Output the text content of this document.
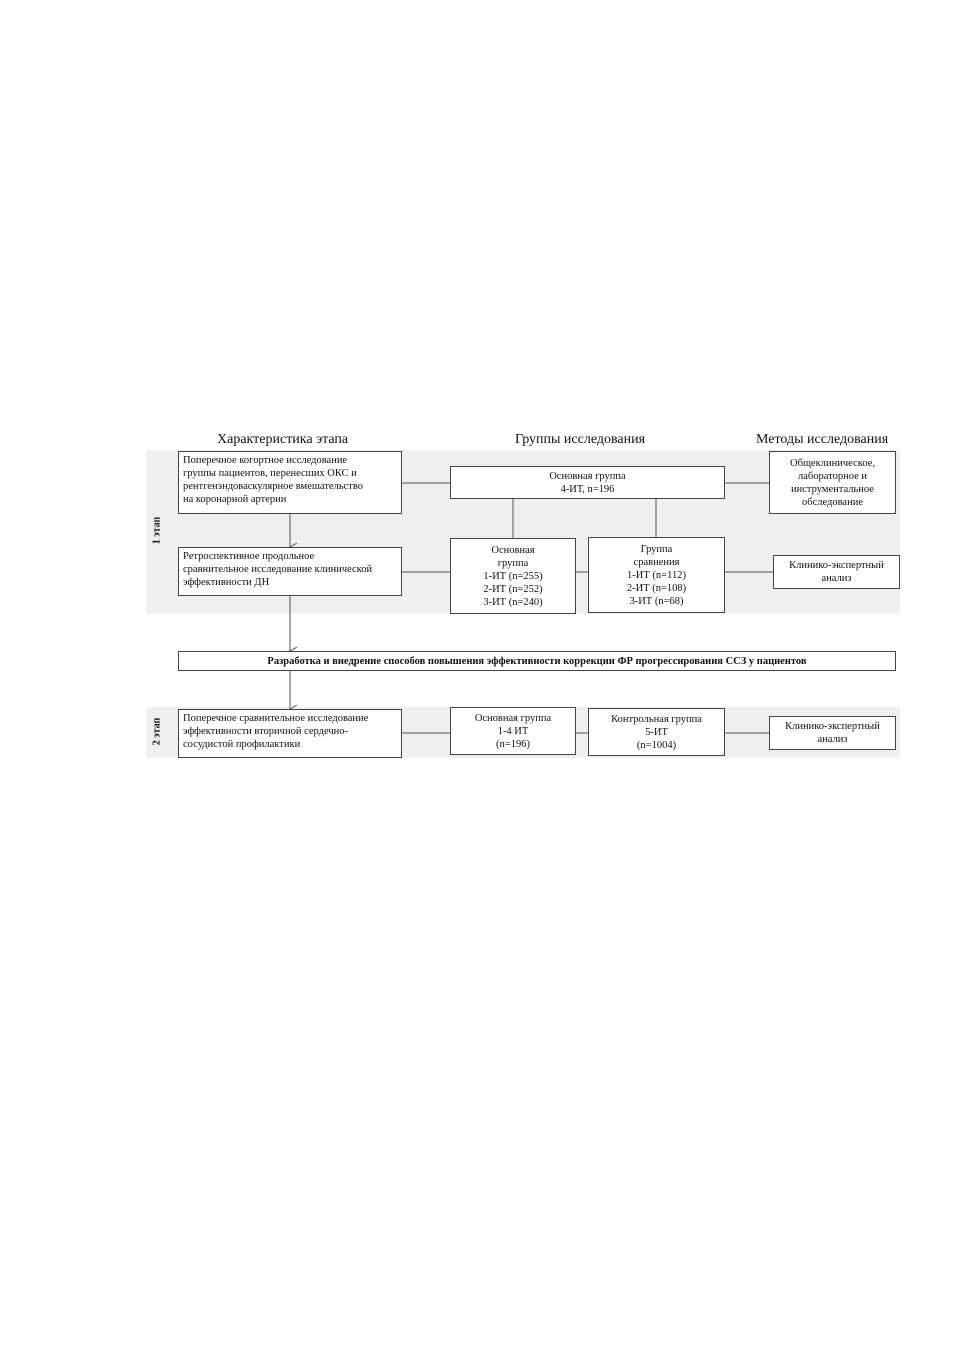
Характеристика этапа	Группы исследования	Методы исследования
1 этап
2 этап
Поперечное когортное исследование
группы пациентов, перенесших ОКС и
рентгенэндоваскулярное вмешательство
на коронарной артерии
Ретроспективное продольное
сравнительное исследование клинической
эффективности ДН
Основная группа
4-ИТ, n=196
Основная
группа
1-ИТ (n=255)
2-ИТ (n=252)
3-ИТ (n=240)
Группа
сравнения
1-ИТ (n=112)
2-ИТ (n=108)
3-ИТ (n=68)
Общеклиническое,
лабораторное и
инструментальное
обследование
Клинико-экспертный
анализ
Разработка и внедрение способов повышения эффективности коррекции ФР прогрессирования ССЗ у пациентов
Поперечное сравнительное исследование
эффективности вторичной сердечно-
сосудистой профилактики
Основная группа
1-4 ИТ
(n=196)
Контрольная группа
5-ИТ
(n=1004)
Клинико-экспертный
анализ
